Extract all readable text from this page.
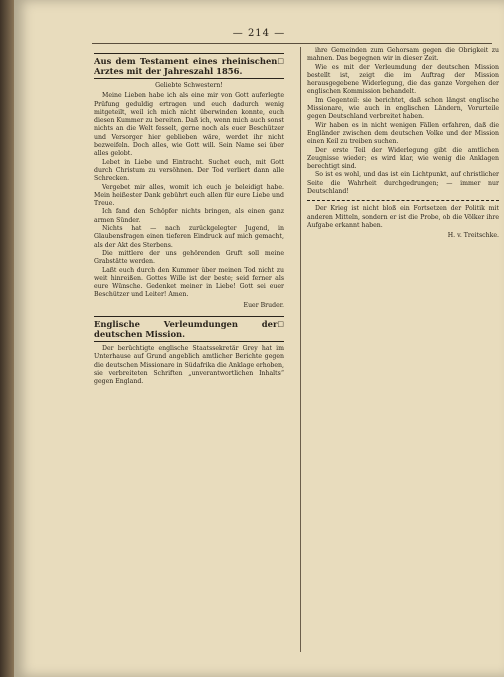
— 214 —
□
Aus dem Testament eines rheinischen Arztes mit der Jahreszahl 1856.
Geliebte Schwestern!

Meine Lieben habe ich als eine mir von Gott auferlegte Prüfung geduldig ertragen und euch dadurch wenig mitgeteilt, weil ich mich nicht überwinden konnte, euch diesen Kummer zu bereiten. Daß ich, wenn mich auch sonst nichts an die Welt fesselt, gerne noch als euer Beschützer und Versorger hier geblieben wäre, werdet ihr nicht bezweifeln. Doch alles, wie Gott will. Sein Name sei über alles gelobt.

Lebet in Liebe und Eintracht. Suchet euch, mit Gott durch Christum zu versöhnen. Der Tod verliert dann alle Schrecken.

Vergebet mir alles, womit ich euch je beleidigt habe. Mein heißester Dank gebührt euch allen für eure Liebe und Treue.

Ich fand den Schöpfer nichts bringen, als einen ganz armen Sünder.

Nichts hat — nach zurückgelegter Jugend, in Glaubensfragen einen tieferen Eindruck auf mich gemacht, als der Akt des Sterbens.

Die mittlere der uns gehörenden Gruft soll meine Grabstätte werden.

Laßt euch durch den Kummer über meinen Tod nicht zu weit hinreißen. Gottes Wille ist der beste; seid ferner als eure Wünsche. Gedenket meiner in Liebe! Gott sei euer Beschützer und Leiter! Amen.

Euer Bruder.
□
Englische Verleumdungen der deutschen Mission.

Der berüchtigte englische Staatssekretär Grey hat im Unterhause auf Grund angeblich amtlicher Berichte gegen die deutschen Missionare in Südafrika die Anklage erhoben, sie verbreiteten Schriften „unverantwortlichen Inhalts“ gegen England.

ihre Gemeinden zum Gehorsam gegen die Obrigkeit zu mahnen. Das begegnen wir in dieser Zeit.

Wie es mit der Verleumdung der deutschen Mission bestellt ist, zeigt die im Auftrag der Mission herausgegebene Widerlegung, die das ganze Vorgehen der englischen Kommission behandelt.

Im Gegenteil: sie berichtet, daß schon längst englische Missionare, wie auch in englischen Ländern, Vorurteile gegen Deutschland verbreitet haben.

Wir haben es in nicht wenigen Fällen erfahren, daß die Engländer zwischen dem deutschen Volke und der Mission einen Keil zu treiben suchen.

Der erste Teil der Widerlegung gibt die amtlichen Zeugnisse wieder; es wird klar, wie wenig die Anklagen berechtigt sind.

So ist es wohl, und das ist ein Lichtpunkt, auf christlicher Seite die Wahrheit durchgedrungen; — immer nur Deutschland!

Der Krieg ist nicht bloß ein Fortsetzen der Politik mit anderen Mitteln, sondern er ist die Probe, ob die Völker ihre Aufgabe erkannt haben.

H. v. Treitschke.
